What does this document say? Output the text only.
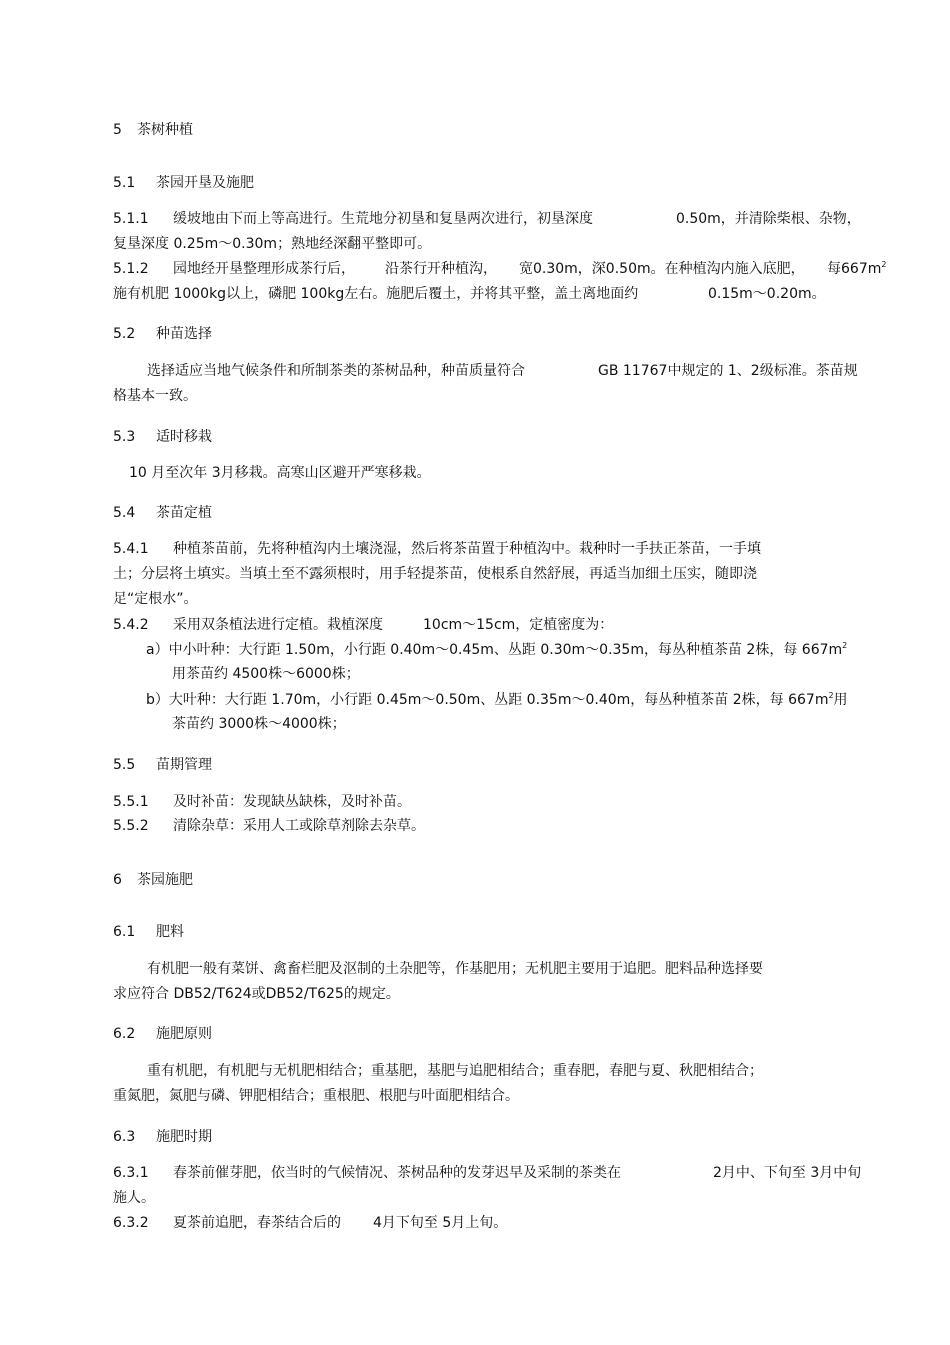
5 茶树种植
5.1 茶园开垦及施肥
5.1.1 缓坡地由下而上等高进行。生荒地分初垦和复垦两次进行，初垦深度	0.50m，并清除柴根、杂物，
复垦深度 0.25m～0.30m；熟地经深翻平整即可。
5.1.2 园地经开垦整理形成茶行后， 沿茶行开种植沟， 宽0.30m，深0.50m。在种植沟内施入底肥， 每$667m^2$
施有机肥 1000kg以上，磷肥 100kg左右。施肥后覆土，并将其平整，盖土离地面约	0.15m～0.20m。
5.2 种苗选择
选择适应当地气候条件和所制茶类的茶树品种，种苗质量符合	GB 11767中规定的 1、2级标准。茶苗规
格基本一致。
5.3 适时移栽
10 月至次年 3月移栽。高寒山区避开严寒移栽。
5.4 茶苗定植
5.4.1 种植茶苗前，先将种植沟内土壤浇湿，然后将茶苗置于种植沟中。栽种时一手扶正茶苗，一手填
土；分层将土填实。当填土至不露须根时，用手轻提茶苗，使根系自然舒展，再适当加细土压实，随即浇
足“定根水”。
5.4.2 采用双条植法进行定植。栽植深度	10cm～15cm，定植密度为：
a）中小叶种：大行距 1.50m，小行距 0.40m～0.45m、丛距 0.30m～0.35m，每丛种植茶苗 2株，每 $667m^2$
用茶苗约 4500株～6000株；
b）大叶种：大行距 1.70m，小行距 0.45m～0.50m、丛距 0.35m～0.40m，每丛种植茶苗 2株，每 $667m^2$用
茶苗约 3000株～4000株；
5.5 苗期管理
5.5.1 及时补苗：发现缺丛缺株，及时补苗。
5.5.2 清除杂草：采用人工或除草剂除去杂草。
6 茶园施肥
6.1 肥料
有机肥一般有菜饼、禽畜栏肥及沤制的土杂肥等，作基肥用；无机肥主要用于追肥。肥料品种选择要
求应符合 DB52/T624或DB52/T625的规定。
6.2 施肥原则
重有机肥，有机肥与无机肥相结合；重基肥，基肥与追肥相结合；重春肥，春肥与夏、秋肥相结合；
重氮肥，氮肥与磷、钾肥相结合；重根肥、根肥与叶面肥相结合。
6.3 施肥时期
6.3.1 春茶前催芽肥，依当时的气候情况、茶树品种的发芽迟早及采制的茶类在	2月中、下旬至 3月中旬
施人。
6.3.2 夏茶前追肥，春茶结合后的 4月下旬至 5月上旬。
